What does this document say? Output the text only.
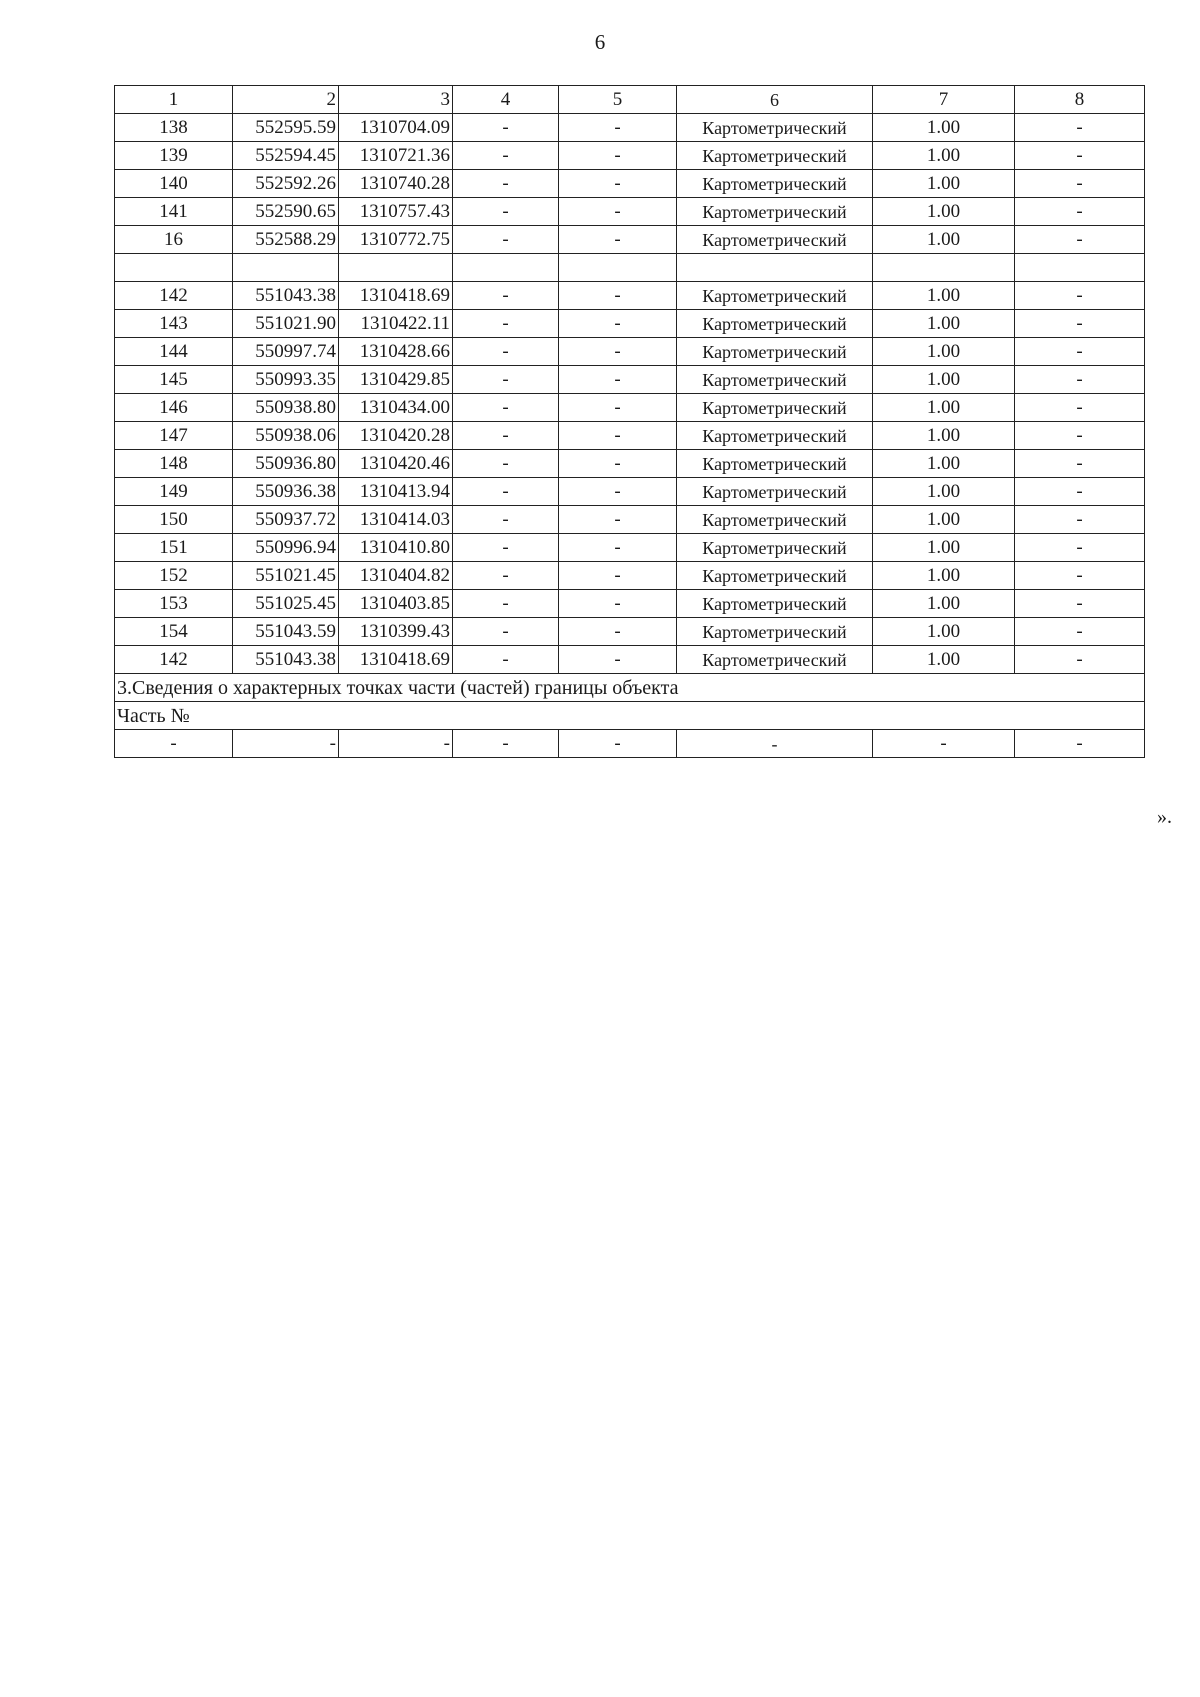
6
1	2	3	4	5	6	7	8
138	552595.59	1310704.09	-	-	Картометрический	1.00	-
139	552594.45	1310721.36	-	-	Картометрический	1.00	-
140	552592.26	1310740.28	-	-	Картометрический	1.00	-
141	552590.65	1310757.43	-	-	Картометрический	1.00	-
16	552588.29	1310772.75	-	-	Картометрический	1.00	-

142	551043.38	1310418.69	-	-	Картометрический	1.00	-
143	551021.90	1310422.11	-	-	Картометрический	1.00	-
144	550997.74	1310428.66	-	-	Картометрический	1.00	-
145	550993.35	1310429.85	-	-	Картометрический	1.00	-
146	550938.80	1310434.00	-	-	Картометрический	1.00	-
147	550938.06	1310420.28	-	-	Картометрический	1.00	-
148	550936.80	1310420.46	-	-	Картометрический	1.00	-
149	550936.38	1310413.94	-	-	Картометрический	1.00	-
150	550937.72	1310414.03	-	-	Картометрический	1.00	-
151	550996.94	1310410.80	-	-	Картометрический	1.00	-
152	551021.45	1310404.82	-	-	Картометрический	1.00	-
153	551025.45	1310403.85	-	-	Картометрический	1.00	-
154	551043.59	1310399.43	-	-	Картометрический	1.00	-
142	551043.38	1310418.69	-	-	Картометрический	1.00	-
3.Сведения о характерных точках части (частей) границы объекта							
Часть №							
-	-	-	-	-	-	-	-
».
